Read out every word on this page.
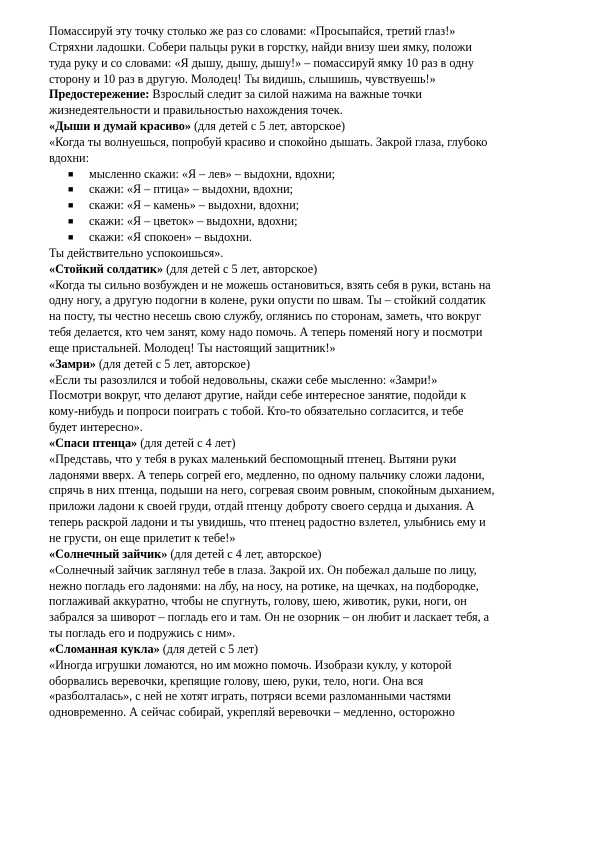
Помассируй эту точку столько же раз со словами: «Просыпайся, третий глаз!»
Стряхни ладошки. Собери пальцы руки в горстку, найди внизу шеи ямку, положи
туда руку и со словами: «Я дышу, дышу, дышу!» – помассируй ямку 10 раз в одну
сторону и 10 раз в другую. Молодец! Ты видишь, слышишь, чувствуешь!»

Предостережение: Взрослый следит за силой нажима на важные точки
жизнедеятельности и правильностью нахождения точек.

«Дыши и думай красиво» (для детей с 5 лет, авторское)

«Когда ты волнуешься, попробуй красиво и спокойно дышать. Закрой глаза, глубоко
вдохни:

■ мысленно скажи: «Я – лев» – выдохни, вдохни;
■ скажи: «Я – птица» – выдохни, вдохни;
■ скажи: «Я – камень» – выдохни, вдохни;
■ скажи: «Я – цветок» – выдохни, вдохни;
■ скажи: «Я спокоен» – выдохни.

Ты действительно успокоишься».

«Стойкий солдатик» (для детей с 5 лет, авторское)

«Когда ты сильно возбужден и не можешь остановиться, взять себя в руки, встань на
одну ногу, а другую подогни в колене, руки опусти по швам. Ты – стойкий солдатик
на посту, ты честно несешь свою службу, оглянись по сторонам, заметь, что вокруг
тебя делается, кто чем занят, кому надо помочь. А теперь поменяй ногу и посмотри
еще пристальней. Молодец! Ты настоящий защитник!»

«Замри» (для детей с 5 лет, авторское)

«Если ты разозлился и тобой недовольны, скажи себе мысленно: «Замри!»
Посмотри вокруг, что делают другие, найди себе интересное занятие, подойди к
кому-нибудь и попроси поиграть с тобой. Кто-то обязательно согласится, и тебе
будет интересно».

«Спаси птенца» (для детей с 4 лет)

«Представь, что у тебя в руках маленький беспомощный птенец. Вытяни руки
ладонями вверх. А теперь согрей его, медленно, по одному пальчику сложи ладони,
спрячь в них птенца, подыши на него, согревая своим ровным, спокойным дыханием,
приложи ладони к своей груди, отдай птенцу доброту своего сердца и дыхания. А
теперь раскрой ладони и ты увидишь, что птенец радостно взлетел, улыбнись ему и
не грусти, он еще прилетит к тебе!»

«Солнечный зайчик» (для детей с 4 лет, авторское)

«Солнечный зайчик заглянул тебе в глаза. Закрой их. Он побежал дальше по лицу,
нежно погладь его ладонями: на лбу, на носу, на ротике, на щечках, на подбородке,
поглаживай аккуратно, чтобы не спугнуть, голову, шею, животик, руки, ноги, он
забрался за шиворот – погладь его и там. Он не озорник – он любит и ласкает тебя, а
ты погладь его и подружись с ним».

«Сломанная кукла» (для детей с 5 лет)

«Иногда игрушки ломаются, но им можно помочь. Изобрази куклу, у которой
оборвались веревочки, крепящие голову, шею, руки, тело, ноги. Она вся
«разболталась», с ней не хотят играть, потряси всеми разломанными частями
одновременно. А сейчас собирай, укрепляй веревочки – медленно, осторожно
